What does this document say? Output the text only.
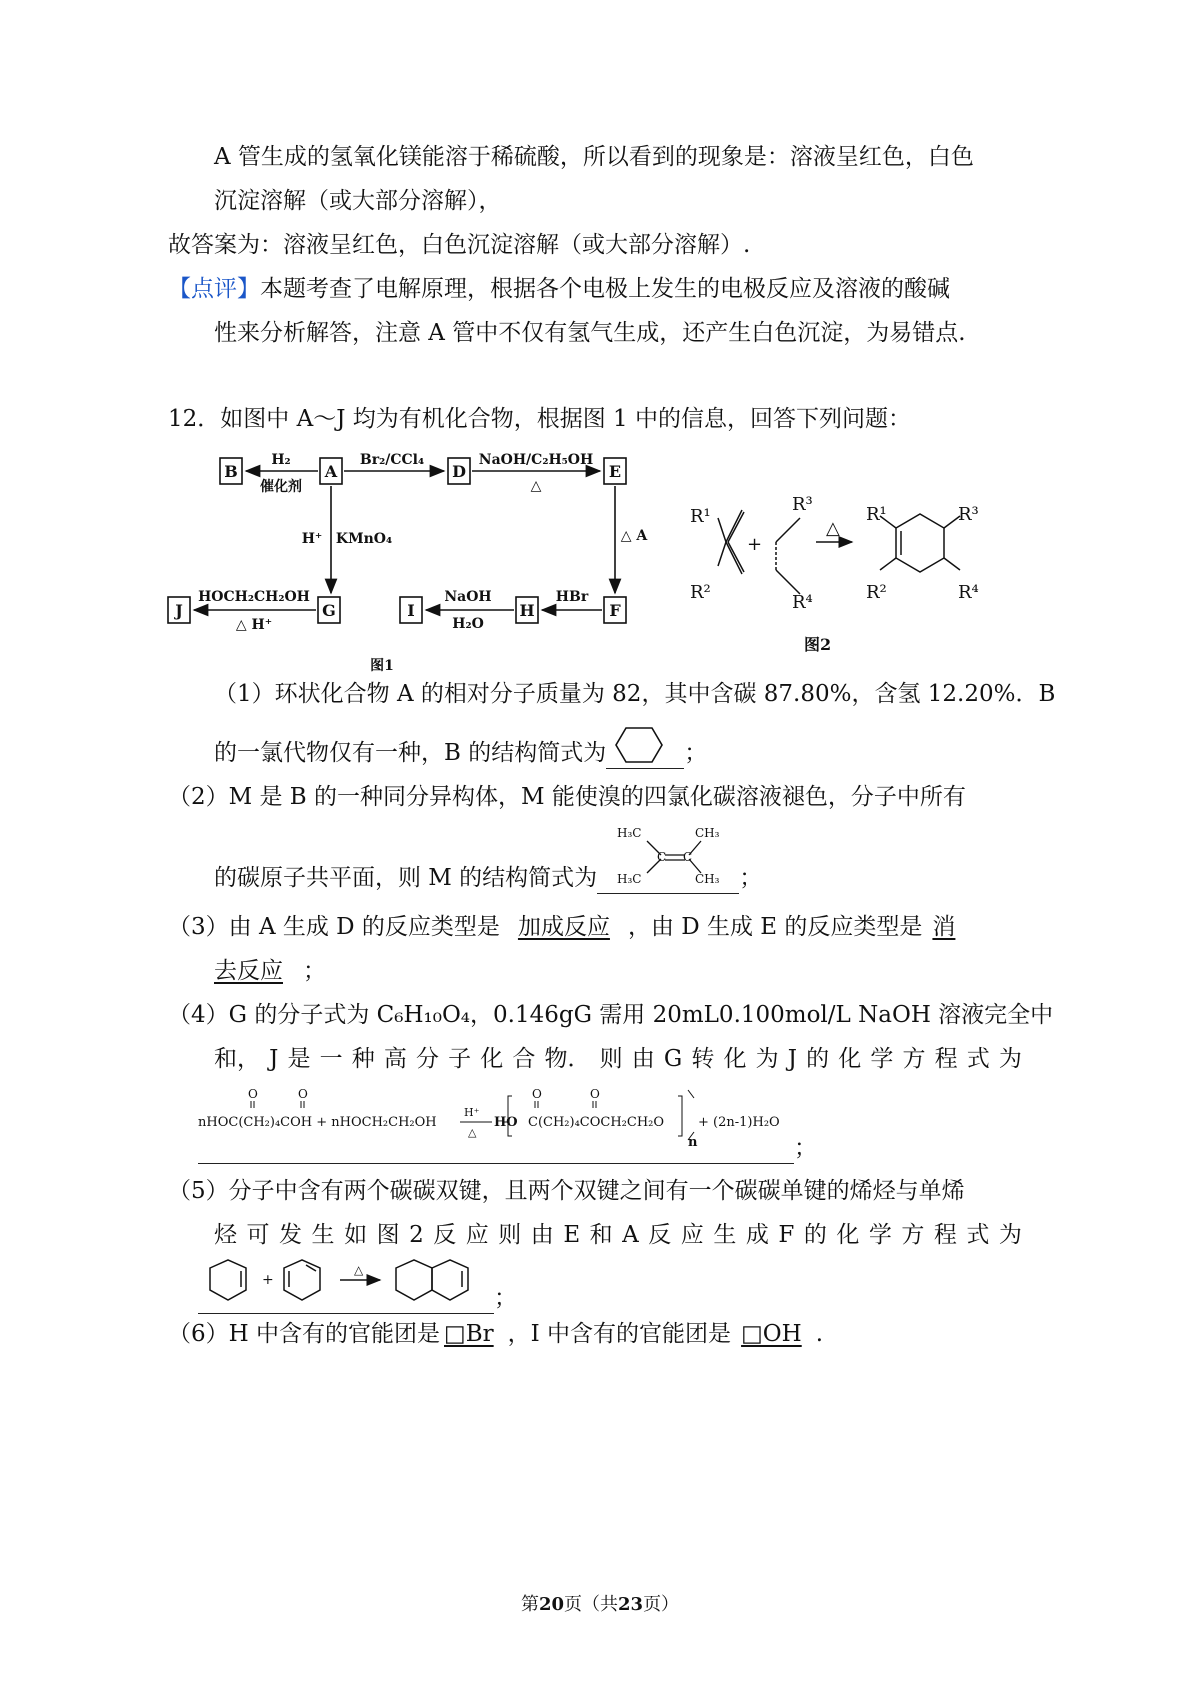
A 管生成的氢氧化镁能溶于稀硫酸，所以看到的现象是：溶液呈红色，白色
沉淀溶解（或大部分溶解），
故答案为：溶液呈红色，白色沉淀溶解（或大部分溶解）.
【点评】本题考查了电解原理，根据各个电极上发生的电极反应及溶液的酸碱
性来分析解答，注意 A 管中不仅有氢气生成，还产生白色沉淀，为易错点.
12．如图中 A～J 均为有机化合物，根据图 1 中的信息，回答下列问题：
B	A	D	E
J	G	I	H	F
H₂
催化剂
Br₂/CCl₄	NaOH/C₂H₅OH
△
H⁺ KMnO₄	△ A
HBr
NaOH
H₂O
HOCH₂CH₂OH
△ H⁺
图1
R¹
R²
R³
R⁴
+
△
R¹
R²
R³
R⁴
图2
（1）环状化合物 A 的相对分子质量为 82，其中含碳 87.80%，含氢 12.20%．B
的一氯代物仅有一种，B 的结构简式为	；
（2）M 是 B 的一种同分异构体，M 能使溴的四氯化碳溶液褪色，分子中所有
的碳原子共平面，则 M 的结构简式为
H₃C	CH₃
H₃C	CH₃
C C
；
（3）由 A 生成 D 的反应类型是 加成反应 ，由 D 生成 E 的反应类型是 消
去反应 ；
（4）G 的分子式为 C₆H₁₀O₄，0.146gG 需用 20mL0.100mol/L NaOH 溶液完全中
和， J 是 一 种 高 分 子 化 合 物． 则 由 G 转 化 为 J 的 化 学 方 程 式 为
O	O	O	O
nHOC(CH₂)₄COH + nHOCH₂CH₂OH
H⁺
△
HO C(CH₂)₄COCH₂CH₂O
n
+ (2n-1)H₂O
；
（5）分子中含有两个碳碳双键，且两个双键之间有一个碳碳单键的烯烃与单烯
烃 可 发 生 如 图 2 反 应 则 由 E 和 A 反 应 生 成 F 的 化 学 方 程 式 为
+
△
；
（6）H 中含有的官能团是 □Br ，I 中含有的官能团是 □OH .
第20页（共23页）
